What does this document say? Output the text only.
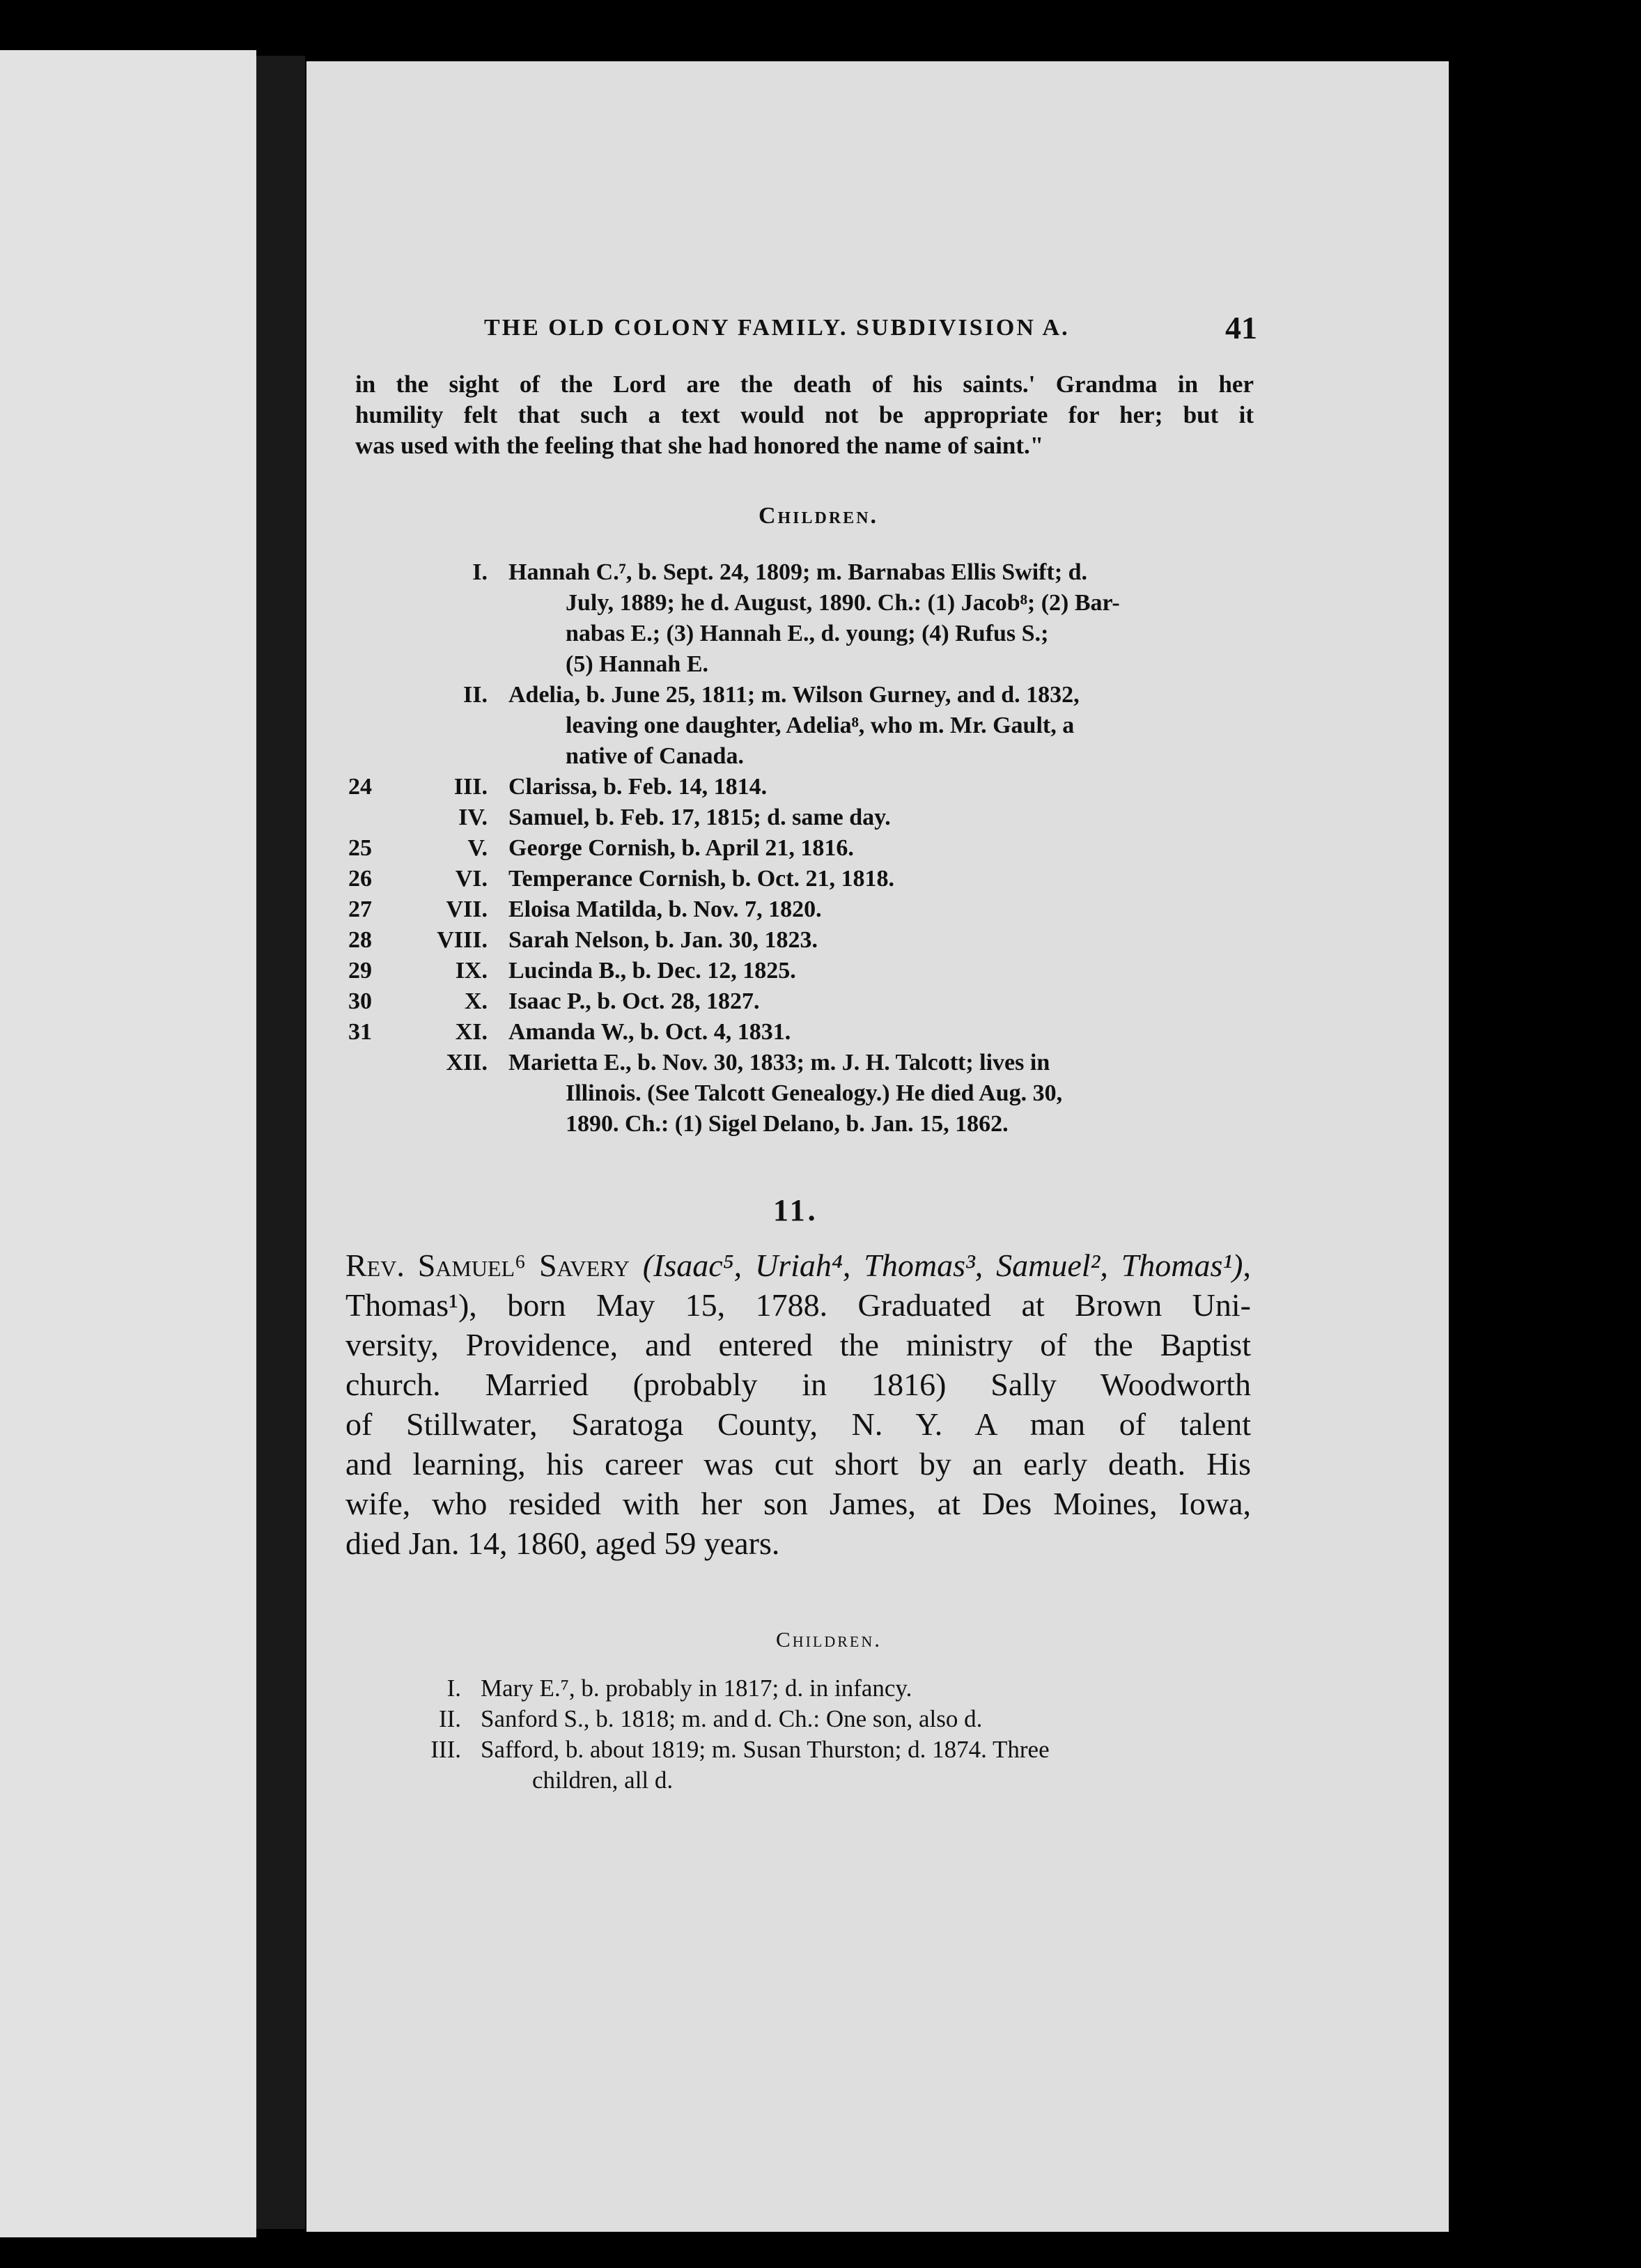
THE OLD COLONY FAMILY. SUBDIVISION A.	41
in the sight of the Lord are the death of his saints.' Grandma in her
humility felt that such a text would not be appropriate for her; but it
was used with the feeling that she had honored the name of saint."
Children.
I. Hannah C.⁷, b. Sept. 24, 1809; m. Barnabas Ellis Swift; d.
July, 1889; he d. August, 1890. Ch.: (1) Jacob⁸; (2) Bar-
nabas E.; (3) Hannah E., d. young; (4) Rufus S.;
(5) Hannah E.
II. Adelia, b. June 25, 1811; m. Wilson Gurney, and d. 1832,
leaving one daughter, Adelia⁸, who m. Mr. Gault, a
native of Canada.
24	III. Clarissa, b. Feb. 14, 1814.
IV. Samuel, b. Feb. 17, 1815; d. same day.
25	V. George Cornish, b. April 21, 1816.
26	VI. Temperance Cornish, b. Oct. 21, 1818.
27	VII. Eloisa Matilda, b. Nov. 7, 1820.
28	VIII. Sarah Nelson, b. Jan. 30, 1823.
29	IX. Lucinda B., b. Dec. 12, 1825.
30	X. Isaac P., b. Oct. 28, 1827.
31	XI. Amanda W., b. Oct. 4, 1831.
XII. Marietta E., b. Nov. 30, 1833; m. J. H. Talcott; lives in
Illinois. (See Talcott Genealogy.) He died Aug. 30,
1890. Ch.: (1) Sigel Delano, b. Jan. 15, 1862.
11.
Rev. Samuel⁶ Savery (Isaac⁵, Uriah⁴, Thomas³, Samuel², Thomas¹),
Thomas¹), born May 15, 1788. Graduated at Brown Uni-
versity, Providence, and entered the ministry of the Baptist
church. Married (probably in 1816) Sally Woodworth
of Stillwater, Saratoga County, N. Y. A man of talent
and learning, his career was cut short by an early death. His
wife, who resided with her son James, at Des Moines, Iowa,
died Jan. 14, 1860, aged 59 years.
Children.
I. Mary E.⁷, b. probably in 1817; d. in infancy.
II. Sanford S., b. 1818; m. and d. Ch.: One son, also d.
III. Safford, b. about 1819; m. Susan Thurston; d. 1874. Three
children, all d.
